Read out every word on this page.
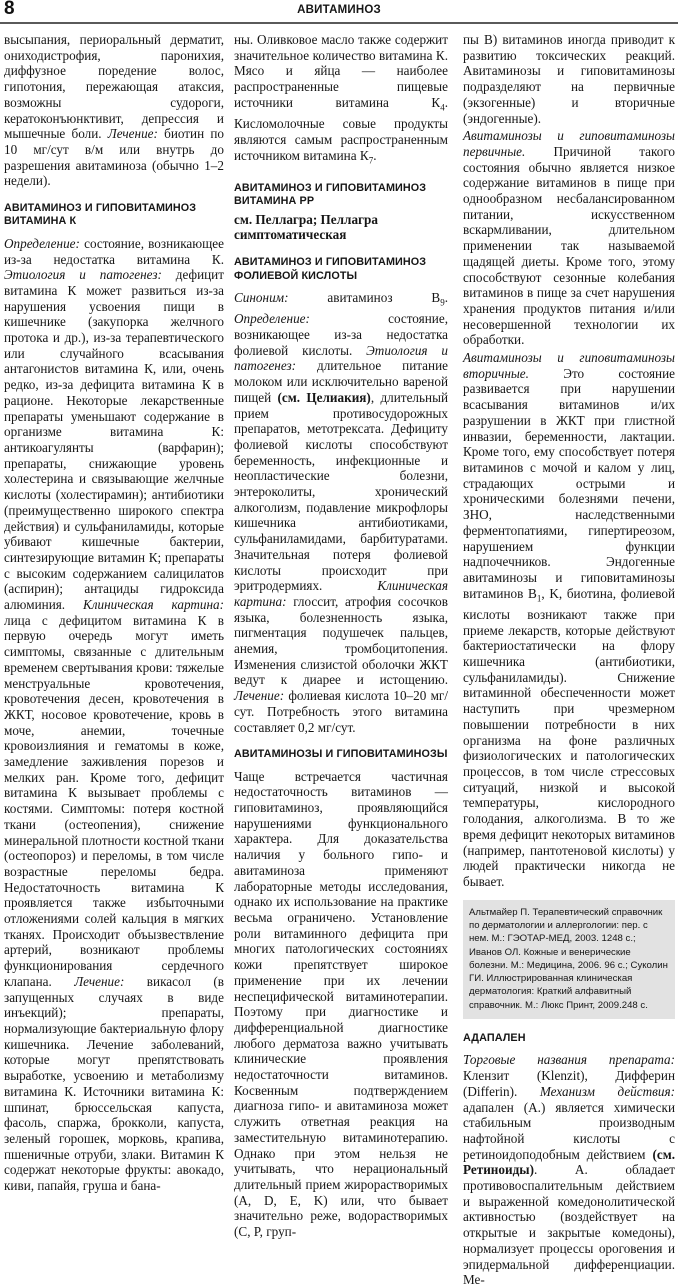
8	АВИТАМИНОЗ

высыпания, периоральный дерматит, ониходистрофия, паронихия, диффузное поредение волос, гипотония, пережающая атаксия, возможны судороги, кератоконъюнктивит, депрессия и мышечные боли. Лечение: биотин по 10 мг/сут в/м или внутрь до разрешения авитаминоза (обычно 1–2 недели).

АВИТАМИНОЗ И ГИПОВИТАМИНОЗ ВИТАМИНА К

Определение: состояние, возникающее из-за недостатка витамина К. Этиология и патогенез: дефицит витамина К может развиться из-за нарушения усвоения пищи в кишечнике (закупорка желчного протока и др.), из-за терапевтического или случайного всасывания антагонистов витамина К, или, очень редко, из-за дефицита витамина К в рационе. Некоторые лекарственные препараты уменьшают содержание в организме витамина К: антикоагулянты (варфарин); препараты, снижающие уровень холестерина и связывающие желчные кислоты (холестирамин); антибиотики (преимущественно широкого спектра действия) и сульфаниламиды, которые убивают кишечные бактерии, синтезирующие витамин К; препараты с высоким содержанием салицилатов (аспирин); антациды гидроксида алюминия. Клиническая картина: лица с дефицитом витамина К в первую очередь могут иметь симптомы, связанные с длительным временем свертывания крови: тяжелые менструальные кровотечения, кровотечения десен, кровотечения в ЖКТ, носовое кровотечение, кровь в моче, анемии, точечные кровоизлияния и гематомы в коже, замедление заживления порезов и мелких ран. Кроме того, дефицит витамина К вызывает проблемы с костями. Симптомы: потеря костной ткани (остеопения), снижение минеральной плотности костной ткани (остеопороз) и переломы, в том числе возрастные переломы бедра. Недостаточность витамина К проявляется также избыточными отложениями солей кальция в мягких тканях. Происходит объызвествление артерий, возникают проблемы функционирования сердечного клапана. Лечение: викасол (в запущенных случаях в виде инъекций); препараты, нормализующие бактериальную флору кишечника. Лечение заболеваний, которые могут препятствовать выработке, усвоению и метаболизму витамина К. Источники витамина К: шпинат, брюссельская капуста, фасоль, спаржа, брокколи, капуста, зеленый горошек, морковь, крапива, пшеничные отруби, злаки. Витамин К содержат некоторые фрукты: авокадо, киви, папайя, груша и бана-

ны. Оливковое масло также содержит значительное количество витамина К. Мясо и яйца — наиболее распространенные пищевые источники витамина $К_4$. Кисломолочные совые продукты являются самым распространенным источником витамина $К_7$.

АВИТАМИНОЗ И ГИПОВИТАМИНОЗ ВИТАМИНА РР
см. Пеллагра; Пеллагра симптоматическая
АВИТАМИНОЗ И ГИПОВИТАМИНОЗ ФОЛИЕВОЙ КИСЛОТЫ

Синоним:	авитаминоз $B_9$. Определение:	состояние, возникающее из-за недостатка фолиевой кислоты. Этиология и патогенез: длительное питание молоком или исключительно вареной пищей (см. Целиакия), длительный прием противосудорожных препаратов, метотрексата. Дефициту фолиевой кислоты способствуют беременность, инфекционные и неопластические болезни, энтероколиты, хронический алкоголизм, подавление микрофлоры кишечника антибиотиками, сульфаниламидами, барбитуратами. Значительная потеря фолиевой кислоты происходит при эритродермиях.	Клиническая картина: глоссит, атрофия сосочков языка, болезненность языка, пигментация подушечек пальцев, анемия, тромбоцитопения. Изменения слизистой оболочки ЖКТ ведут к диарее и истощению. Лечение: фолиевая кислота 10–20 мг/сут. Потребность этого витамина составляет 0,2 мг/сут.

АВИТАМИНОЗЫ И ГИПОВИТАМИНОЗЫ

Чаще встречается частичная недостаточность витаминов — гиповитаминоз, проявляющийся нарушениями функционального характера. Для доказательства наличия у больного гипо- и авитаминоза применяют лабораторные методы исследования, однако их использование на практике весьма ограничено. Установление роли витаминного дефицита при многих патологических состояниях кожи препятствует широкое применение при их лечении неспецифической витаминотерапии. Поэтому при диагностике и дифференциальной диагностике любого дерматоза важно учитывать клинические проявления недостаточности витаминов. Косвенным подтверждением диагноза гипо- и авитаминоза может служить ответная реакция на заместительную витаминотерапию. Однако при этом нельзя не учитывать, что нерациональный длительный прием жирорастворимых (A, D, E, K) или, что бывает значительно реже, водорастворимых (C, P, груп-

пы B) витаминов иногда приводит к развитию токсических реакций. Авитаминозы и гиповитаминозы подразделяют на первичные (экзогенные) и вторичные (эндогенные).

Авитаминозы и гиповитаминозы первичные. Причиной такого состояния обычно является низкое содержание витаминов в пище при однообразном несбалансированном питании, искусственном вскармливании, длительном применении так называемой щадящей диеты. Кроме того, этому способствуют сезонные колебания витаминов в пище за счет нарушения хранения продуктов питания и/или несовершенной технологии их обработки.

Авитаминозы и гиповитаминозы вторичные.	Это состояние развивается при нарушении всасывания витаминов и/их разрушении в ЖКТ при глистной инвазии, беременности, лактации. Кроме того, ему способствует потеря витаминов с мочой и калом у лиц, страдающих острыми и хроническими болезнями печени, ЗНО, наследственными ферментопатиями, гипертиреозом, нарушением функции надпочечников. Эндогенные авитаминозы и гиповитаминозы витаминов $B_1$, K, биотина, фолиевой кислоты возникают также при приеме лекарств, которые действуют бактериостатически на флору кишечника (антибиотики, сульфаниламиды). Снижение витаминной обеспеченности может наступить при чрезмерном повышении потребности в них организма на фоне различных физиологических и патологических процессов, в том числе стрессовых ситуаций, низкой и высокой температуры, кислородного голодания, алкоголизма. В то же время дефицит некоторых витаминов (например, пантотеновой кислоты) у людей практически никогда не бывает.

Альтмайер П. Терапевтический справочник по дерматологии и аллергологии: пер. с нем. М.: ГЭОТАР-МЕД, 2003. 1248 с.; Иванов ОЛ. Кожные и венерические болезни. М.: Медицина, 2006. 96 с.; Суколин ГИ. Иллюстрированная клиническая дерматология: Краткий алфавитный справочник. М.: Люкс Принт, 2009.248 с.
АДАПАЛЕН

Торговые названия препарата: Клензит (Klenzit), Дифферин (Differin). Механизм действия: адапален (А.) является химически стабильным производным нафтойной кислоты с ретиноидоподобным действием (см. Ретиноиды). А. обладает противовоспалительным действием и выраженной комедонолитической активностью (воздействует на открытые и закрытые комедоны), нормализует процессы ороговения и эпидермальной дифференциации. Ме-
